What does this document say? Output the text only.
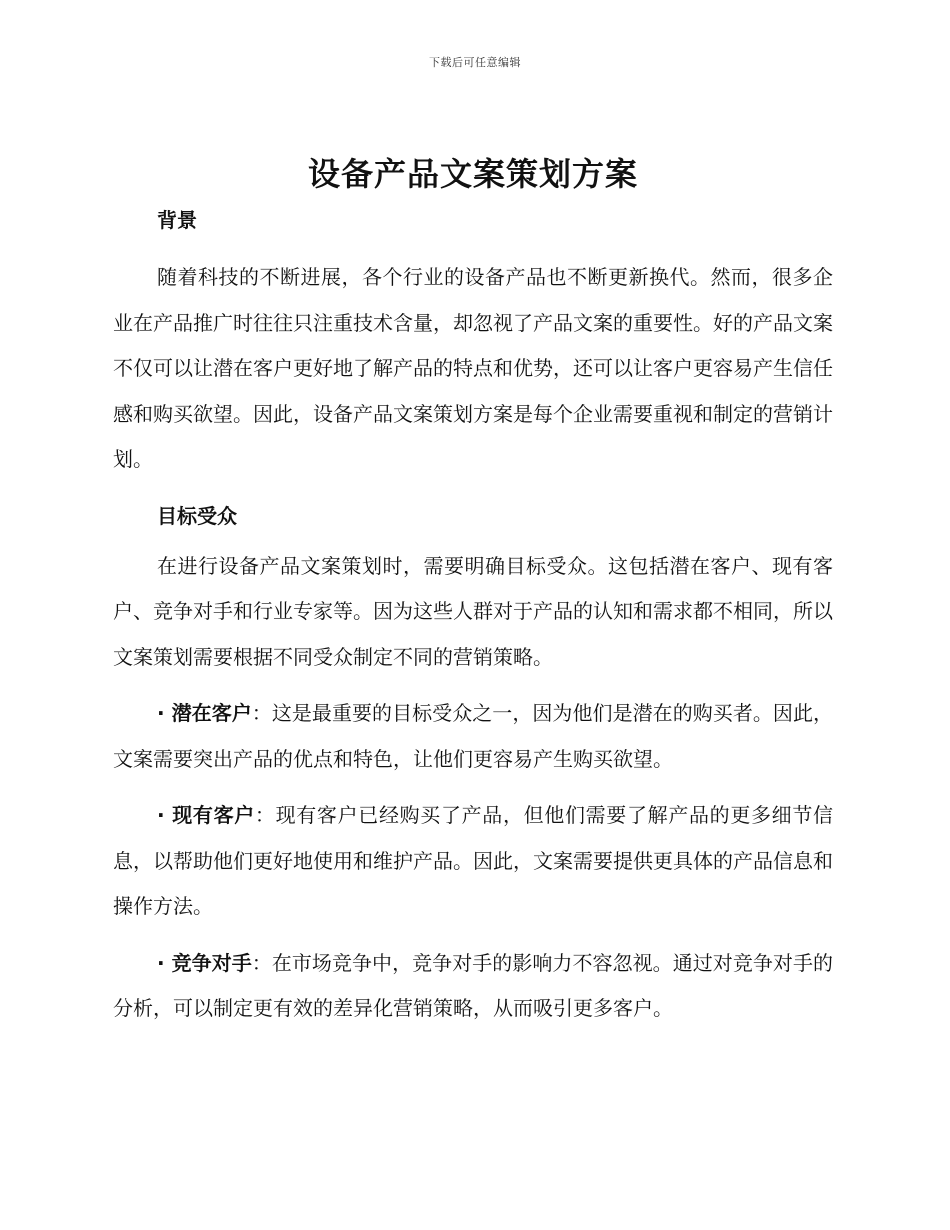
下载后可任意编辑
设备产品文案策划方案
背景

随着科技的不断进展，各个行业的设备产品也不断更新换代。然而，很多企业在产品推广时往往只注重技术含量，却忽视了产品文案的重要性。好的产品文案不仅可以让潜在客户更好地了解产品的特点和优势，还可以让客户更容易产生信任感和购买欲望。因此，设备产品文案策划方案是每个企业需要重视和制定的营销计划。

目标受众

在进行设备产品文案策划时，需要明确目标受众。这包括潜在客户、现有客户、竞争对手和行业专家等。因为这些人群对于产品的认知和需求都不相同，所以文案策划需要根据不同受众制定不同的营销策略。

· 潜在客户：这是最重要的目标受众之一，因为他们是潜在的购买者。因此，文案需要突出产品的优点和特色，让他们更容易产生购买欲望。

· 现有客户：现有客户已经购买了产品，但他们需要了解产品的更多细节信息，以帮助他们更好地使用和维护产品。因此，文案需要提供更具体的产品信息和操作方法。

· 竞争对手：在市场竞争中，竞争对手的影响力不容忽视。通过对竞争对手的分析，可以制定更有效的差异化营销策略，从而吸引更多客户。
